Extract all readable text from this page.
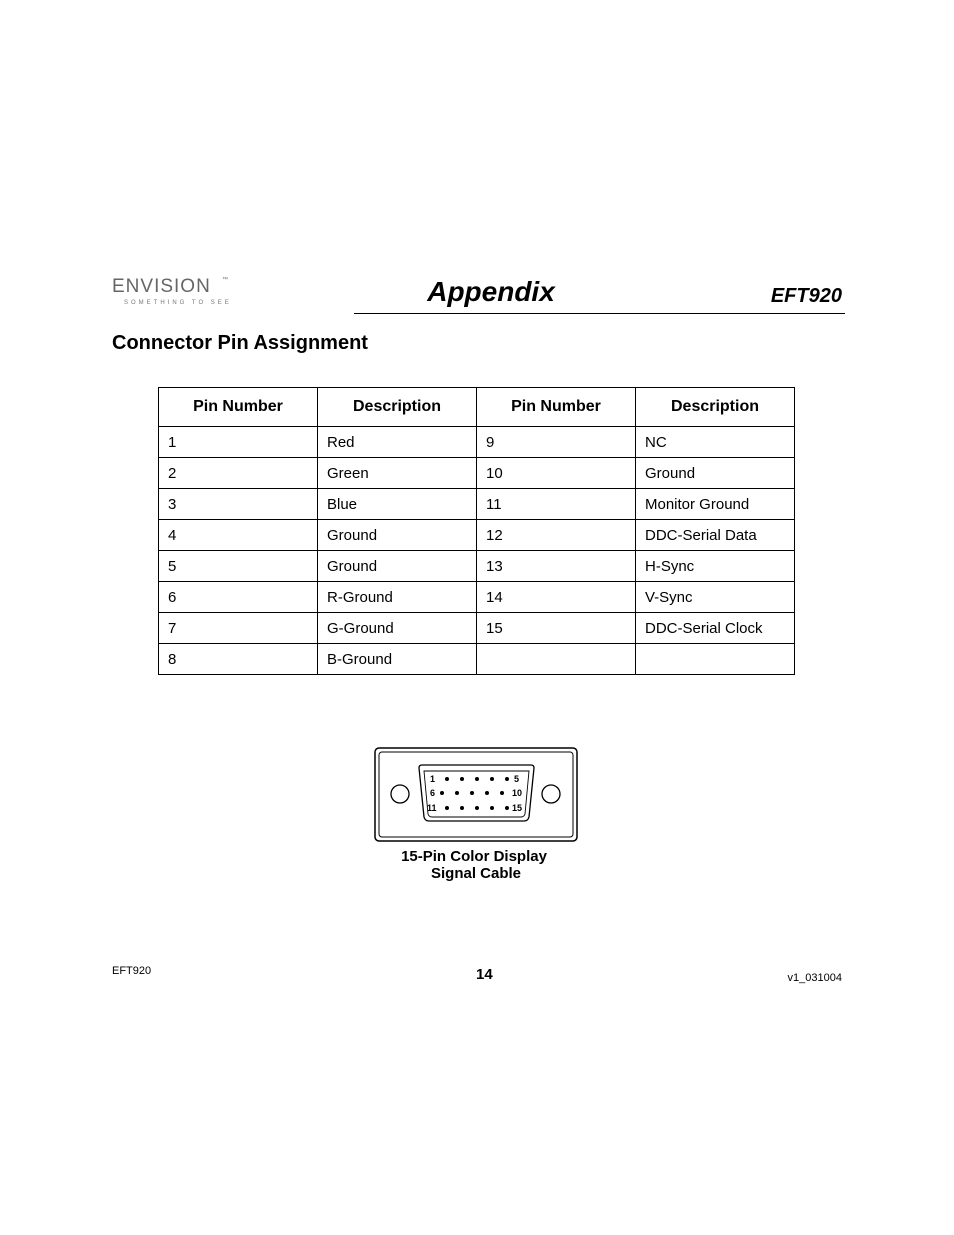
ENVISION ™
SOMETHING TO SEE	Appendix	EFT920
Connector Pin Assignment
Pin Number	Description	Pin Number	Description
1	Red	9	NC
2	Green	10	Ground
3	Blue	11	Monitor Ground
4	Ground	12	DDC-Serial Data
5	Ground	13	H-Sync
6	R-Ground	14	V-Sync
7	G-Ground	15	DDC-Serial Clock
8	B-Ground		
1	5
6	10
11	15
15-Pin Color Display
Signal Cable
EFT920	14	v1_031004
